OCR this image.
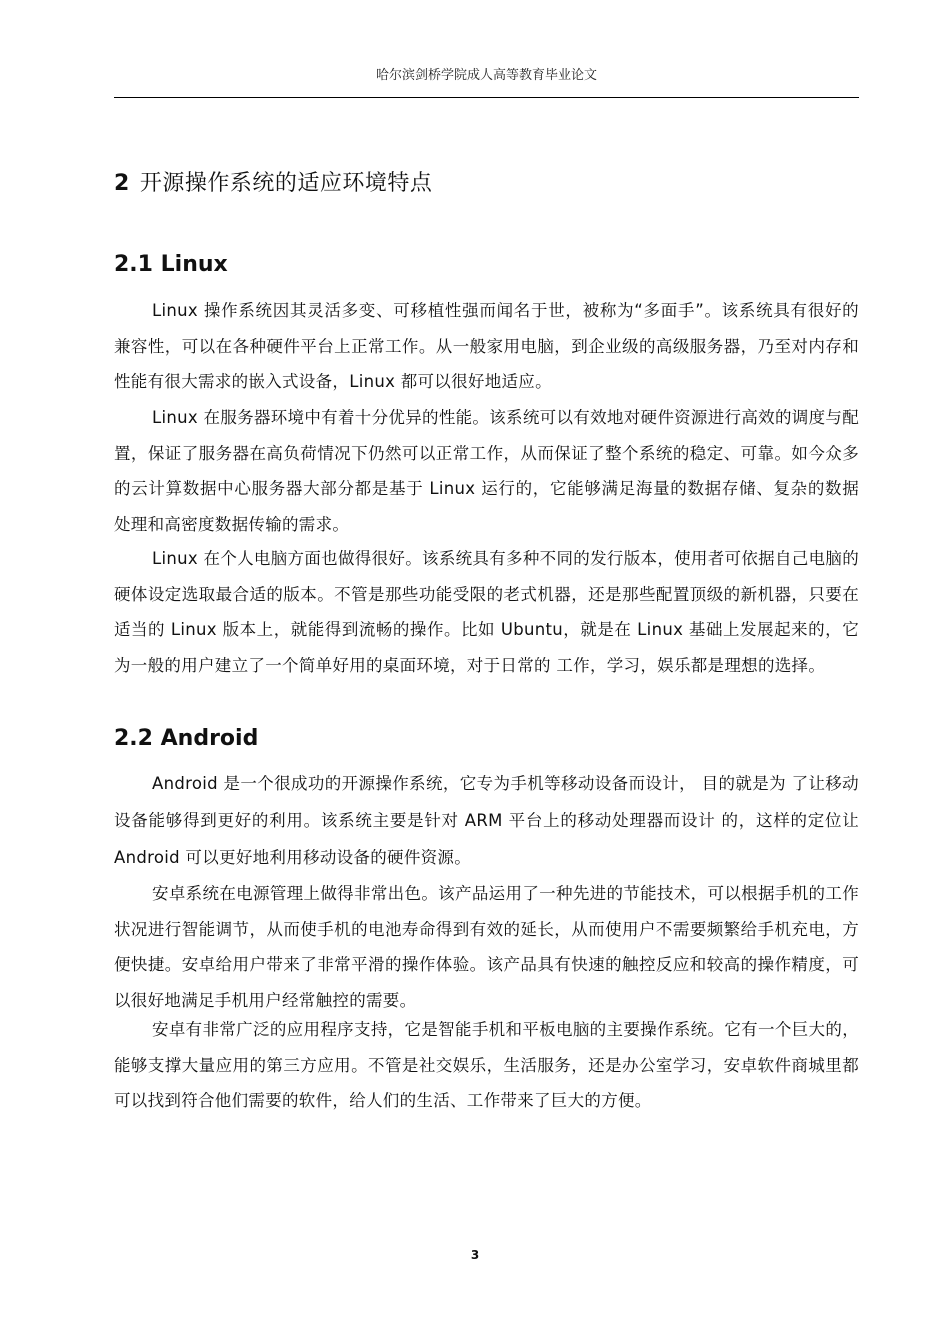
哈尔滨剑桥学院成人高等教育毕业论文
2 开源操作系统的适应环境特点
2.1 Linux

Linux 操作系统因其灵活多变、可移植性强而闻名于世，被称为“多面手”。该系统具有很好的兼容性，可以在各种硬件平台上正常工作。从一般家用电脑，到企业级的高级服务器，乃至对内存和性能有很大需求的嵌入式设备，Linux 都可以很好地适应。

Linux 在服务器环境中有着十分优异的性能。该系统可以有效地对硬件资源进行高效的调度与配置，保证了服务器在高负荷情况下仍然可以正常工作，从而保证了整个系统的稳定、可靠。如今众多的云计算数据中心服务器大部分都是基于 Linux 运行的，它能够满足海量的数据存储、复杂的数据处理和高密度数据传输的需求。

Linux 在个人电脑方面也做得很好。该系统具有多种不同的发行版本，使用者可依据自己电脑的硬体设定选取最合适的版本。不管是那些功能受限的老式机器，还是那些配置顶级的新机器，只要在适当的 Linux 版本上，就能得到流畅的操作。比如 Ubuntu，就是在 Linux 基础上发展起来的，它为一般的用户建立了一个简单好用的桌面环境，对于日常的 工作，学习，娱乐都是理想的选择。

2.2 Android

Android 是一个很成功的开源操作系统，它专为手机等移动设备而设计， 目的就是为 了让移动设备能够得到更好的利用。该系统主要是针对 ARM 平台上的移动处理器而设计 的，这样的定位让 Android 可以更好地利用移动设备的硬件资源。

安卓系统在电源管理上做得非常出色。该产品运用了一种先进的节能技术，可以根据手机的工作状况进行智能调节，从而使手机的电池寿命得到有效的延长，从而使用户不需要频繁给手机充电，方便快捷。安卓给用户带来了非常平滑的操作体验。该产品具有快速的触控反应和较高的操作精度，可以很好地满足手机用户经常触控的需要。

安卓有非常广泛的应用程序支持，它是智能手机和平板电脑的主要操作系统。它有一个巨大的，能够支撑大量应用的第三方应用。不管是社交娱乐，生活服务，还是办公室学习，安卓软件商城里都可以找到符合他们需要的软件，给人们的生活、工作带来了巨大的方便。

3
